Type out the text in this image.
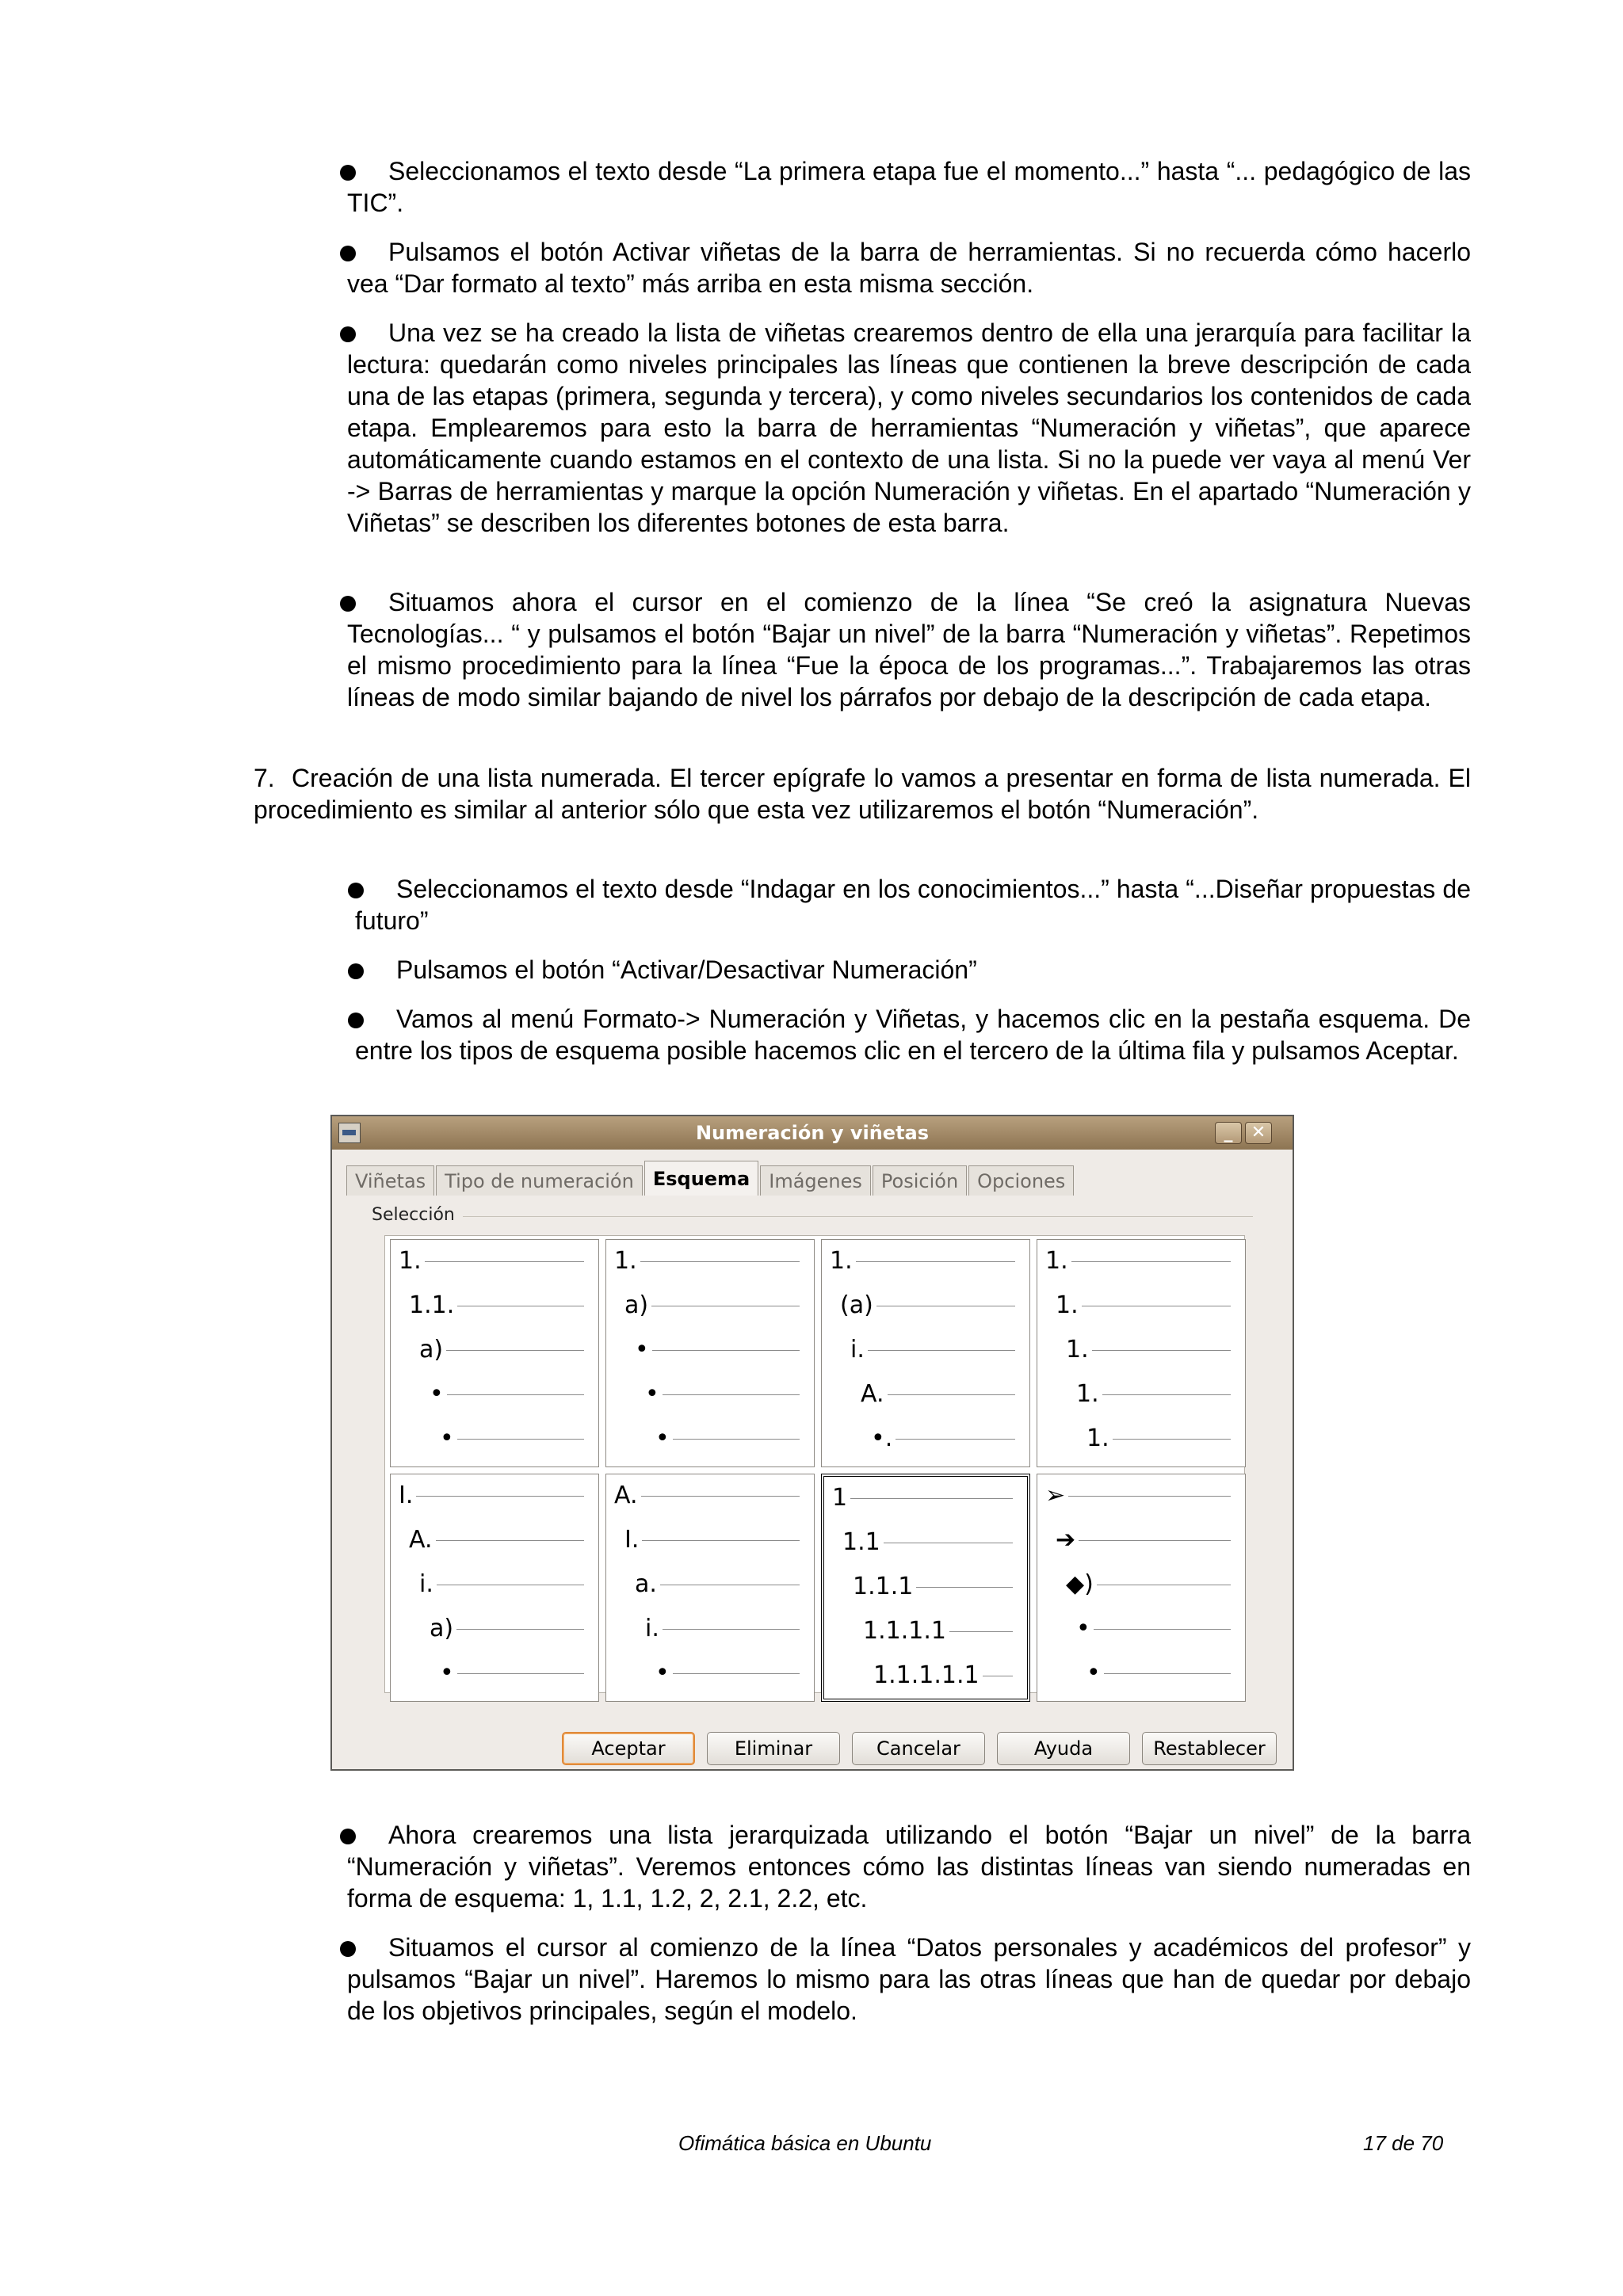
Seleccionamos el texto desde “La primera etapa fue el momento...” hasta “... pedagógico de las TIC”.
Pulsamos el botón Activar viñetas de la barra de herramientas. Si no recuerda cómo hacerlo vea “Dar formato al texto” más arriba en esta misma sección.
Una vez se ha creado la lista de viñetas crearemos dentro de ella una jerarquía para facilitar la lectura: quedarán como niveles principales las líneas que contienen la breve descripción de cada una de las etapas (primera, segunda y tercera), y como niveles secundarios los contenidos de cada etapa. Emplearemos para esto la barra de herramientas “Numeración y viñetas”, que aparece automáticamente cuando estamos en el contexto de una lista. Si no la puede ver vaya al menú Ver -> Barras de herramientas y marque la opción Numeración y viñetas. En el apartado “Numeración y Viñetas” se describen los diferentes botones de esta barra.
Situamos ahora el cursor en el comienzo de la línea “Se creó la asignatura Nuevas Tecnologías... “ y pulsamos el botón “Bajar un nivel” de la barra “Numeración y viñetas”. Repetimos el mismo procedimiento para la línea “Fue la época de los programas...”. Trabajaremos las otras líneas de modo similar bajando de nivel los párrafos por debajo de la descripción de cada etapa.
7. Creación de una lista numerada. El tercer epígrafe lo vamos a presentar en forma de lista numerada. El procedimiento es similar al anterior sólo que esta vez utilizaremos el botón “Numeración”.
Seleccionamos el texto desde “Indagar en los conocimientos...” hasta “...Diseñar propuestas de futuro”
Pulsamos el botón “Activar/Desactivar Numeración”
Vamos al menú Formato-> Numeración y Viñetas, y hacemos clic en la pestaña esquema. De entre los tipos de esquema posible hacemos clic en el tercero de la última fila y pulsamos Aceptar.
Numeración y viñetas	_	✕
Viñetas	Tipo de numeración	Esquema	Imágenes	Posición	Opciones
Selección
1.
1.1.
a)
•
•
1.
a)
•
•
•
1.
(a)
i.
A.
•.
1.
1.
1.
1.
1.
I.
A.
i.
a)
•
A.
I.
a.
i.
•
1
1.1
1.1.1
1.1.1.1
1.1.1.1.1
➢
➔
◆)
•
•
Aceptar	Eliminar	Cancelar	Ayuda	Restablecer
Ahora crearemos una lista jerarquizada utilizando el botón “Bajar un nivel” de la barra “Numeración y viñetas”. Veremos entonces cómo las distintas líneas van siendo numeradas en forma de esquema: 1, 1.1, 1.2, 2, 2.1, 2.2, etc.
Situamos el cursor al comienzo de la línea “Datos personales y académicos del profesor” y pulsamos “Bajar un nivel”. Haremos lo mismo para las otras líneas que han de quedar por debajo de los objetivos principales, según el modelo.
Ofimática básica en Ubuntu	17 de 70
